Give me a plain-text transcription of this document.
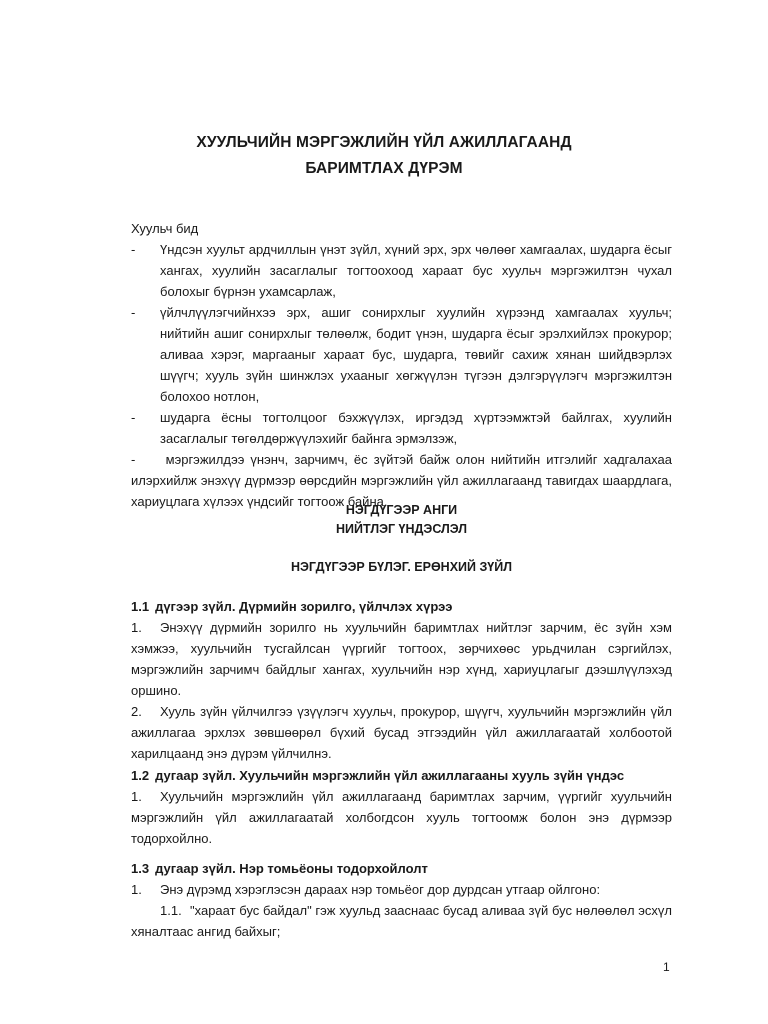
ХУУЛЬЧИЙН МЭРГЭЖЛИЙН ҮЙЛ АЖИЛЛАГААНД
БАРИМТЛАХ ДҮРЭМ
Хуульч бид
- Үндсэн хуульт ардчиллын үнэт зүйл, хүний эрх, эрх чөлөөг хамгаалах, шударга ёсыг хангах, хуулийн засаглалыг тогтоохоод хараат бус хуульч мэргэжилтэн чухал болохыг бүрнэн ухамсарлаж,
- үйлчлүүлэгчийнхээ эрх, ашиг сонирхлыг хуулийн хүрээнд хамгаалах хуульч; нийтийн ашиг сонирхлыг төлөөлж, бодит үнэн, шударга ёсыг эрэлхийлэх прокурор; аливаа хэрэг, маргааныг хараат бус, шударга, төвийг сахиж хянан шийдвэрлэх шүүгч; хууль зүйн шинжлэх ухааныг хөгжүүлэн түгээн дэлгэрүүлэгч мэргэжилтэн болохоо нотлон,
- шударга ёсны тогтолцоог бэхжүүлэх, иргэдэд хүртээмжтэй байлгах, хуулийн засаглалыг төгөлдөржүүлэхийг байнга эрмэлзэж,
- мэргэжилдээ үнэнч, зарчимч, ёс зүйтэй байж олон нийтийн итгэлийг хадгалахаа илэрхийлж энэхүү дүрмээр өөрсдийн мэргэжлийн үйл ажиллагаанд тавигдах шаардлага, хариуцлага хүлээх үндсийг тогтоож байна.
НЭГДҮГЭЭР АНГИ
НИЙТЛЭГ ҮНДЭСЛЭЛ
НЭГДҮГЭЭР БҮЛЭГ. ЕРӨНХИЙ ЗҮЙЛ
1.1 дүгээр зүйл. Дүрмийн зорилго, үйлчлэх хүрээ
1. Энэхүү дүрмийн зорилго нь хуульчийн баримтлах нийтлэг зарчим, ёс зүйн хэм хэмжээ, хуульчийн тусгайлсан үүргийг тогтоох, зөрчихөөс урьдчилан сэргийлэх, мэргэжлийн зарчимч байдлыг хангах, хуульчийн нэр хүнд, хариуцлагыг дээшлүүлэхэд оршино.
2. Хууль зүйн үйлчилгээ үзүүлэгч хуульч, прокурор, шүүгч, хуульчийн мэргэжлийн үйл ажиллагаа эрхлэх зөвшөөрөл бүхий бусад этгээдийн үйл ажиллагаатай холбоотой харилцаанд энэ дүрэм үйлчилнэ.
1.2 дугаар зүйл. Хуульчийн мэргэжлийн үйл ажиллагааны хууль зүйн үндэс
1. Хуульчийн мэргэжлийн үйл ажиллагаанд баримтлах зарчим, үүргийг хуульчийн мэргэжлийн үйл ажиллагаатай холбогдсон хууль тогтоомж болон энэ дүрмээр тодорхойлно.
1.3 дугаар зүйл. Нэр томьёоны тодорхойлолт
1. Энэ дүрэмд хэрэглэсэн дараах нэр томьёог дор дурдсан утгаар ойлгоно:
1.1. "хараат бус байдал" гэж хуульд зааснаас бусад аливаа зүй бус нөлөөлөл эсхүл хяналтаас ангид байхыг;
1
